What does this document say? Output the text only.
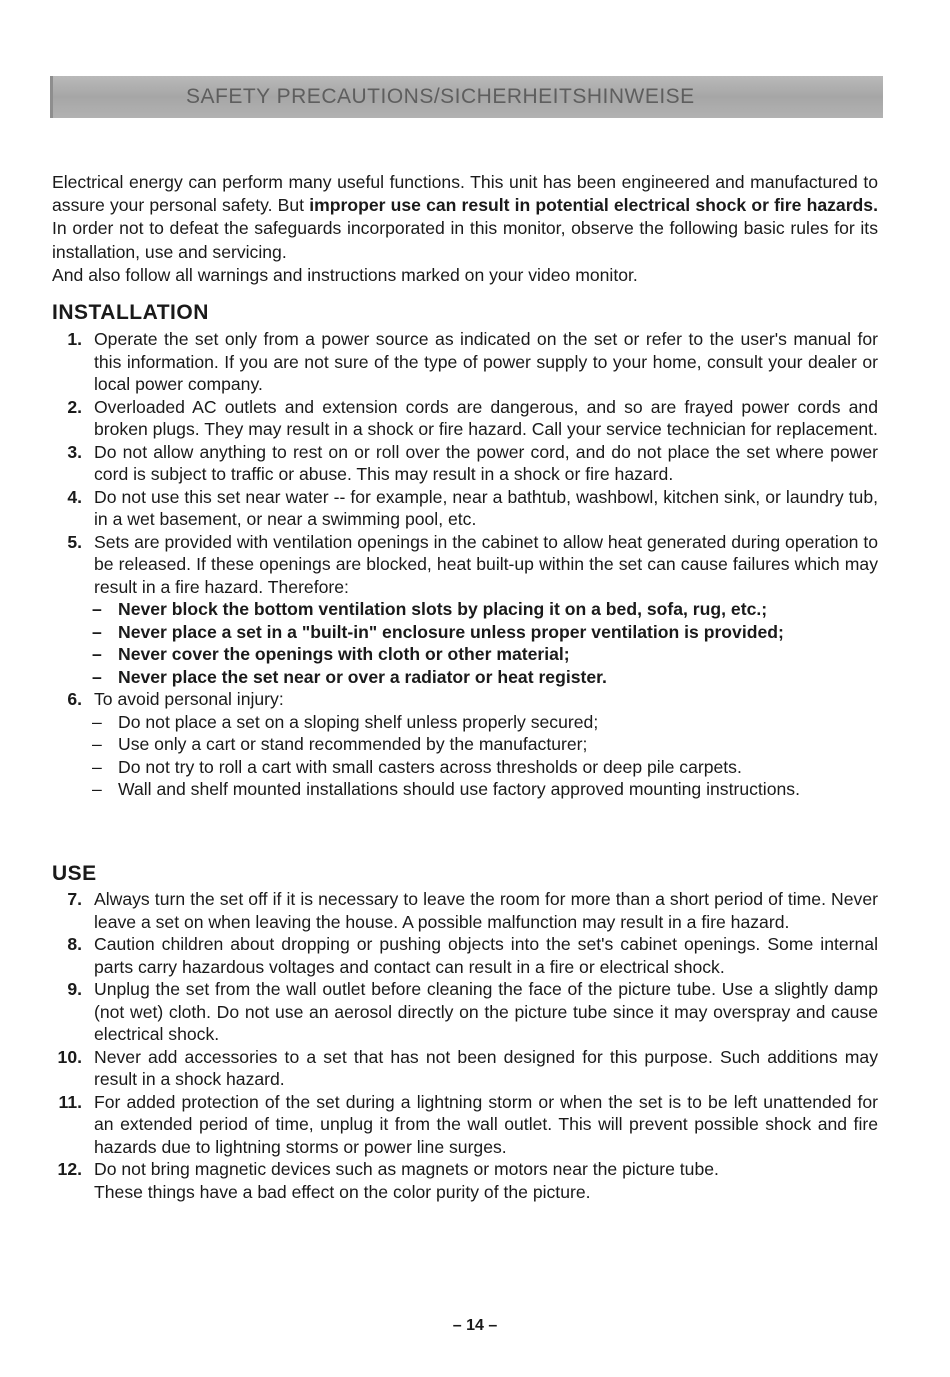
SAFETY PRECAUTIONS/SICHERHEITSHINWEISE

Electrical energy can perform many useful functions. This unit has been engineered and manufactured to assure your personal safety. But improper use can result in potential electrical shock or fire hazards. In order not to defeat the safeguards incorporated in this monitor, observe the following basic rules for its installation, use and servicing.

And also follow all warnings and instructions marked on your video monitor.

INSTALLATION
1. Operate the set only from a power source as indicated on the set or refer to the user's manual for this information. If you are not sure of the type of power supply to your home, consult your dealer or local power company.
2. Overloaded AC outlets and extension cords are dangerous, and so are frayed power cords and broken plugs. They may result in a shock or fire hazard. Call your service technician for replacement.
3. Do not allow anything to rest on or roll over the power cord, and do not place the set where power cord is subject to traffic or abuse. This may result in a shock or fire hazard.
4. Do not use this set near water -- for example, near a bathtub, washbowl, kitchen sink, or laundry tub, in a wet basement, or near a swimming pool, etc.
5. Sets are provided with ventilation openings in the cabinet to allow heat generated during operation to be released. If these openings are blocked, heat built-up within the set can cause failures which may result in a fire hazard. Therefore:
– Never block the bottom ventilation slots by placing it on a bed, sofa, rug, etc.;
– Never place a set in a "built-in" enclosure unless proper ventilation is provided;
– Never cover the openings with cloth or other material;
– Never place the set near or over a radiator or heat register.
6. To avoid personal injury:
– Do not place a set on a sloping shelf unless properly secured;
– Use only a cart or stand recommended by the manufacturer;
– Do not try to roll a cart with small casters across thresholds or deep pile carpets.
– Wall and shelf mounted installations should use factory approved mounting instructions.
USE
7. Always turn the set off if it is necessary to leave the room for more than a short period of time. Never leave a set on when leaving the house. A possible malfunction may result in a fire hazard.
8. Caution children about dropping or pushing objects into the set's cabinet openings. Some internal parts carry hazardous voltages and contact can result in a fire or electrical shock.
9. Unplug the set from the wall outlet before cleaning the face of the picture tube. Use a slightly damp (not wet) cloth. Do not use an aerosol directly on the picture tube since it may overspray and cause electrical shock.
10. Never add accessories to a set that has not been designed for this purpose. Such additions may result in a shock hazard.
11. For added protection of the set during a lightning storm or when the set is to be left unattended for an extended period of time, unplug it from the wall outlet. This will prevent possible shock and fire hazards due to lightning storms or power line surges.
12. Do not bring magnetic devices such as magnets or motors near the picture tube.
These things have a bad effect on the color purity of the picture.
– 14 –
